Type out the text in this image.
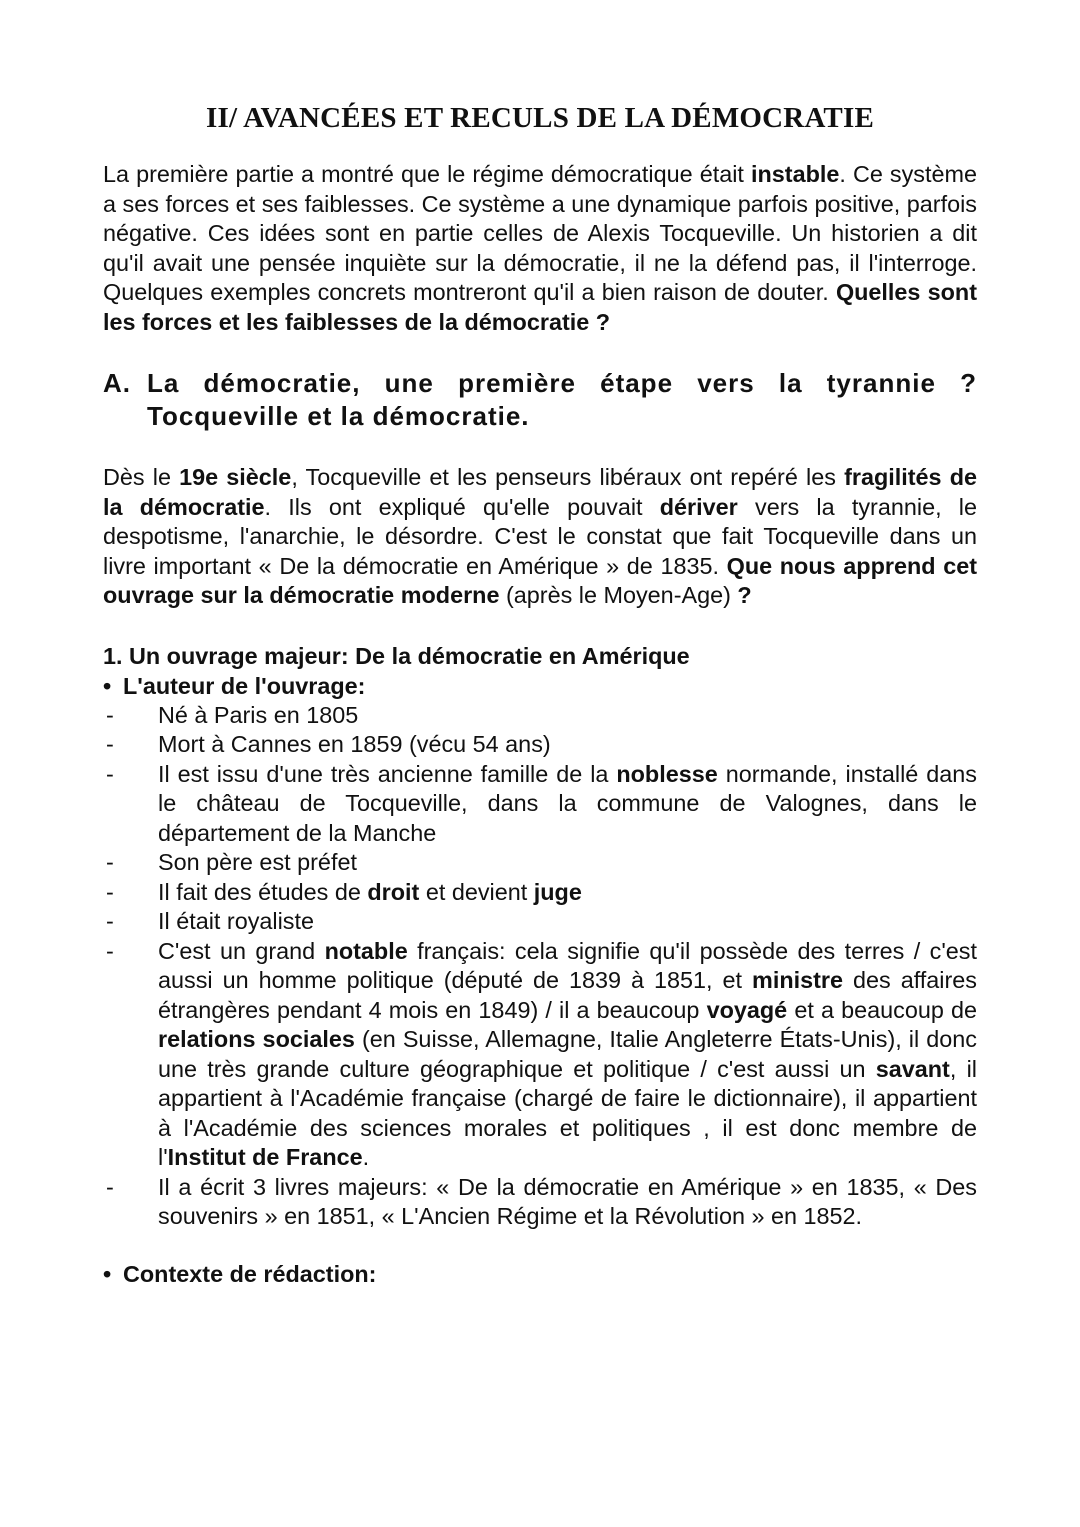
II/ AVANCÉES ET RECULS DE LA DÉMOCRATIE

La première partie a montré que le régime démocratique était instable. Ce système a ses forces et ses faiblesses. Ce système a une dynamique parfois positive, parfois négative. Ces idées sont en partie celles de Alexis Tocqueville. Un historien a dit qu'il avait une pensée inquiète sur la démocratie, il ne la défend pas, il l'interroge. Quelques exemples concrets montreront qu'il a bien raison de douter. Quelles sont les forces et les faiblesses de la démocratie ?

A. La démocratie, une première étape vers la tyrannie ?
Tocqueville et la démocratie.

Dès le 19e siècle, Tocqueville et les penseurs libéraux ont repéré les fragilités de la démocratie. Ils ont expliqué qu'elle pouvait dériver vers la tyrannie, le despotisme, l'anarchie, le désordre. C'est le constat que fait Tocqueville dans un livre important « De la démocratie en Amérique » de 1835. Que nous apprend cet ouvrage sur la démocratie moderne (après le Moyen-Age) ?

1. Un ouvrage majeur: De la démocratie en Amérique
• L'auteur de l'ouvrage:
-	Né à Paris en 1805
-	Mort à Cannes en 1859 (vécu 54 ans)
-	Il est issu d'une très ancienne famille de la noblesse normande, installé dans le château de Tocqueville, dans la commune de Valognes, dans le département de la Manche
-	Son père est préfet
-	Il fait des études de droit et devient juge
-	Il était royaliste
-	C'est un grand notable français: cela signifie qu'il possède des terres / c'est aussi un homme politique (député de 1839 à 1851, et ministre des affaires étrangères pendant 4 mois en 1849) / il a beaucoup voyagé et a beaucoup de relations sociales (en Suisse, Allemagne, Italie Angleterre États-Unis), il donc une très grande culture géographique et politique / c'est aussi un savant, il appartient à l'Académie française (chargé de faire le dictionnaire), il appartient à l'Académie des sciences morales et politiques , il est donc membre de l'Institut de France.
-	Il a écrit 3 livres majeurs: « De la démocratie en Amérique » en 1835, « Des souvenirs » en 1851, « L'Ancien Régime et la Révolution » en 1852.
• Contexte de rédaction:
